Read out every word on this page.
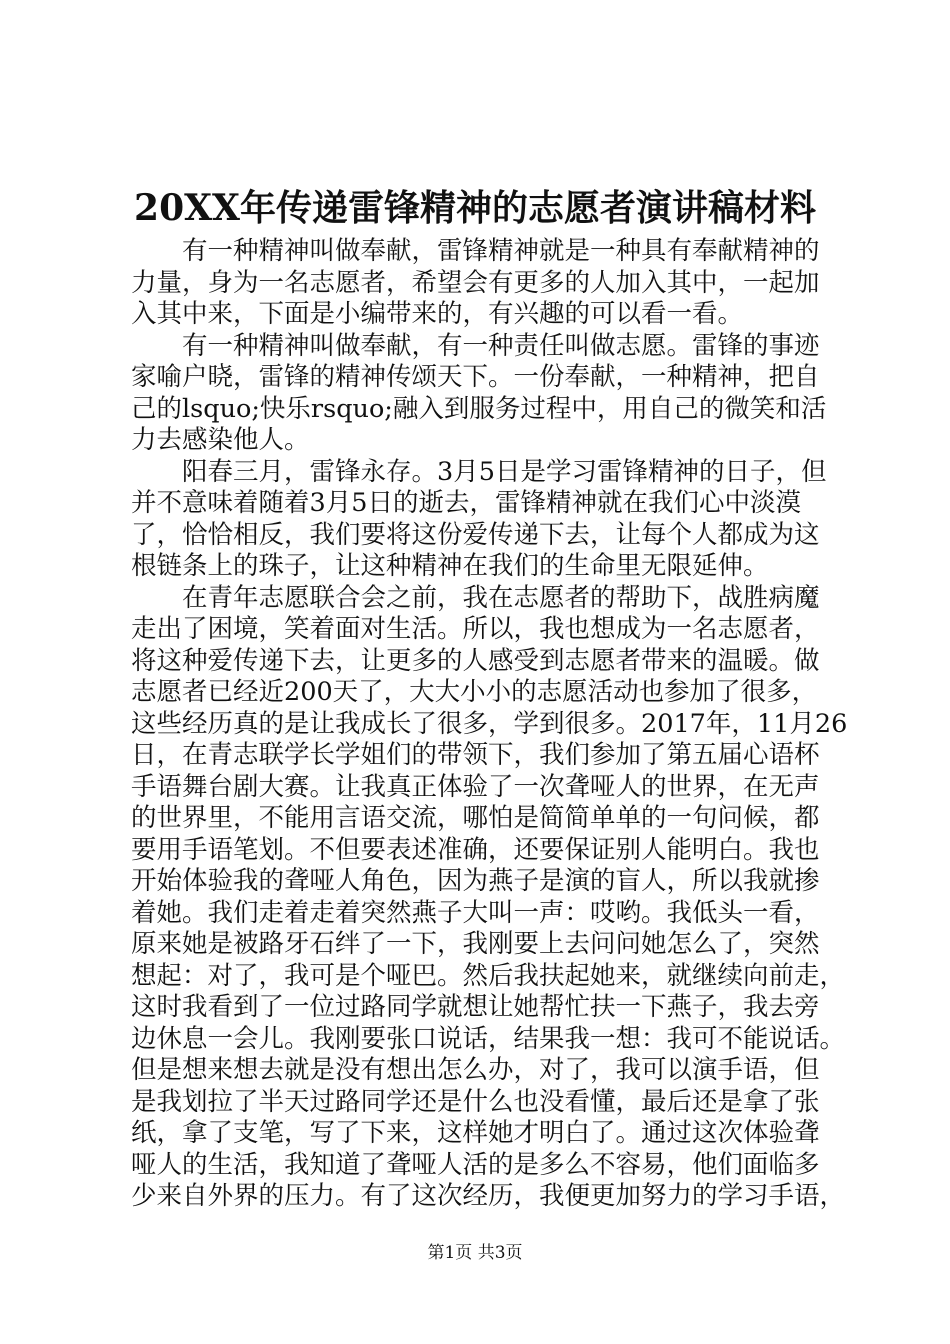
20XX年传递雷锋精神的志愿者演讲稿材料

　　有一种精神叫做奉献，雷锋精神就是一种具有奉献精神的
力量，身为一名志愿者，希望会有更多的人加入其中，一起加
入其中来，下面是小编带来的，有兴趣的可以看一看。

　　有一种精神叫做奉献，有一种责任叫做志愿。雷锋的事迹
家喻户晓，雷锋的精神传颂天下。一份奉献，一种精神，把自
己的lsquo;快乐rsquo;融入到服务过程中，用自己的微笑和活
力去感染他人。

　　阳春三月，雷锋永存。3月5日是学习雷锋精神的日子，但
并不意味着随着3月5日的逝去，雷锋精神就在我们心中淡漠
了，恰恰相反，我们要将这份爱传递下去，让每个人都成为这
根链条上的珠子，让这种精神在我们的生命里无限延伸。

　　在青年志愿联合会之前，我在志愿者的帮助下，战胜病魔
走出了困境，笑着面对生活。所以，我也想成为一名志愿者，
将这种爱传递下去，让更多的人感受到志愿者带来的温暖。做
志愿者已经近200天了，大大小小的志愿活动也参加了很多，
这些经历真的是让我成长了很多，学到很多。2017年，11月26
日，在青志联学长学姐们的带领下，我们参加了第五届心语杯
手语舞台剧大赛。让我真正体验了一次聋哑人的世界，在无声
的世界里，不能用言语交流，哪怕是简简单单的一句问候，都
要用手语笔划。不但要表述准确，还要保证别人能明白。我也
开始体验我的聋哑人角色，因为燕子是演的盲人，所以我就掺
着她。我们走着走着突然燕子大叫一声：哎哟。我低头一看，
原来她是被路牙石绊了一下，我刚要上去问问她怎么了，突然
想起：对了，我可是个哑巴。然后我扶起她来，就继续向前走，
这时我看到了一位过路同学就想让她帮忙扶一下燕子，我去旁
边休息一会儿。我刚要张口说话，结果我一想：我可不能说话。
但是想来想去就是没有想出怎么办，对了，我可以演手语，但
是我划拉了半天过路同学还是什么也没看懂，最后还是拿了张
纸，拿了支笔，写了下来，这样她才明白了。通过这次体验聋
哑人的生活，我知道了聋哑人活的是多么不容易，他们面临多
少来自外界的压力。有了这次经历，我便更加努力的学习手语，

第1页 共3页
